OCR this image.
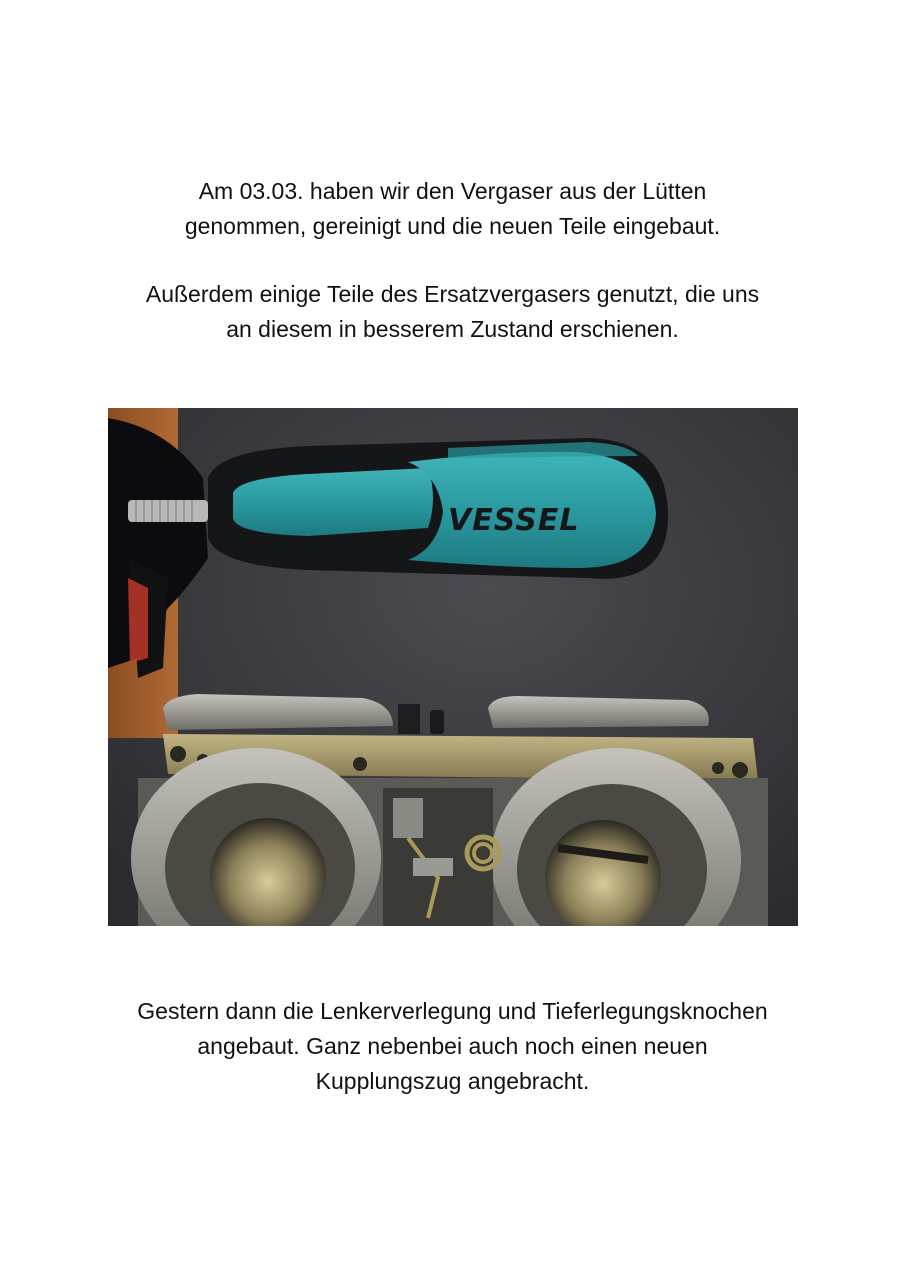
Am 03.03. haben wir den Vergaser aus der Lütten
genommen, gereinigt und die neuen Teile eingebaut.

Außerdem einige Teile des Ersatzvergasers genutzt, die uns
an diesem in besserem Zustand erschienen.

VESSEL

Gestern dann die Lenkerverlegung und Tieferlegungsknochen
angebaut. Ganz nebenbei auch noch einen neuen
Kupplungszug angebracht.
